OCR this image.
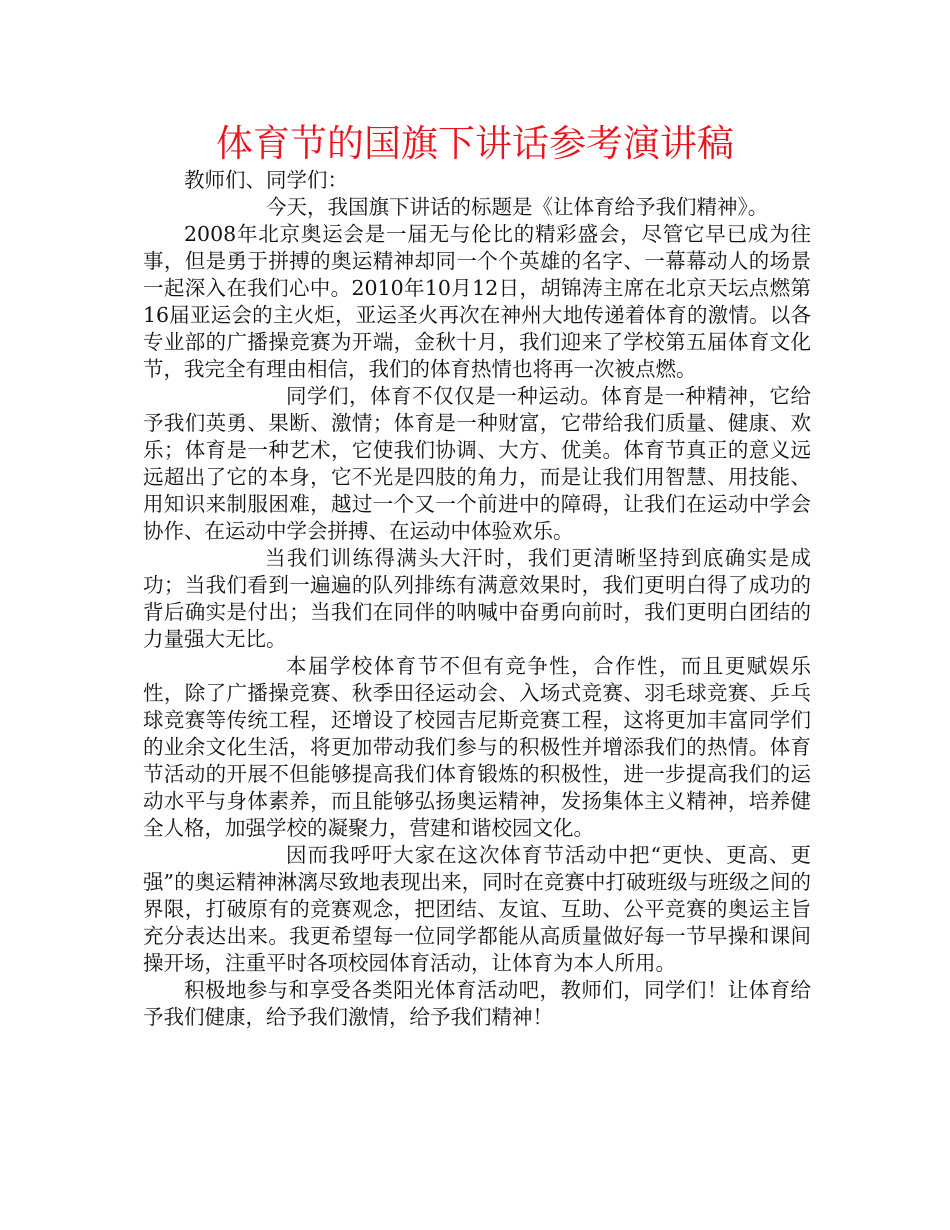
体育节的国旗下讲话参考演讲稿

教师们、同学们：

今天，我国旗下讲话的标题是《让体育给予我们精神》。

2008年北京奥运会是一届无与伦比的精彩盛会，尽管它早已成为往事，但是勇于拼搏的奥运精神却同一个个英雄的名字、一幕幕动人的场景一起深入在我们心中。2010年10月12日，胡锦涛主席在北京天坛点燃第16届亚运会的主火炬，亚运圣火再次在神州大地传递着体育的激情。以各专业部的广播操竞赛为开端，金秋十月，我们迎来了学校第五届体育文化节，我完全有理由相信，我们的体育热情也将再一次被点燃。

同学们，体育不仅仅是一种运动。体育是一种精神，它给予我们英勇、果断、激情；体育是一种财富，它带给我们质量、健康、欢乐；体育是一种艺术，它使我们协调、大方、优美。体育节真正的意义远远超出了它的本身，它不光是四肢的角力，而是让我们用智慧、用技能、用知识来制服困难，越过一个又一个前进中的障碍，让我们在运动中学会协作、在运动中学会拼搏、在运动中体验欢乐。

当我们训练得满头大汗时，我们更清晰坚持到底确实是成功；当我们看到一遍遍的队列排练有满意效果时，我们更明白得了成功的背后确实是付出；当我们在同伴的呐喊中奋勇向前时，我们更明白团结的力量强大无比。

本届学校体育节不但有竞争性，合作性，而且更赋娱乐性，除了广播操竞赛、秋季田径运动会、入场式竞赛、羽毛球竞赛、乒乓球竞赛等传统工程，还增设了校园吉尼斯竞赛工程，这将更加丰富同学们的业余文化生活，将更加带动我们参与的积极性并增添我们的热情。体育节活动的开展不但能够提高我们体育锻炼的积极性，进一步提高我们的运动水平与身体素养，而且能够弘扬奥运精神，发扬集体主义精神，培养健全人格，加强学校的凝聚力，营建和谐校园文化。

因而我呼吁大家在这次体育节活动中把“更快、更高、更强”的奥运精神淋漓尽致地表现出来，同时在竞赛中打破班级与班级之间的界限，打破原有的竞赛观念，把团结、友谊、互助、公平竞赛的奥运主旨充分表达出来。我更希望每一位同学都能从高质量做好每一节早操和课间操开场，注重平时各项校园体育活动，让体育为本人所用。

积极地参与和享受各类阳光体育活动吧，教师们，同学们！让体育给予我们健康，给予我们激情，给予我们精神！
